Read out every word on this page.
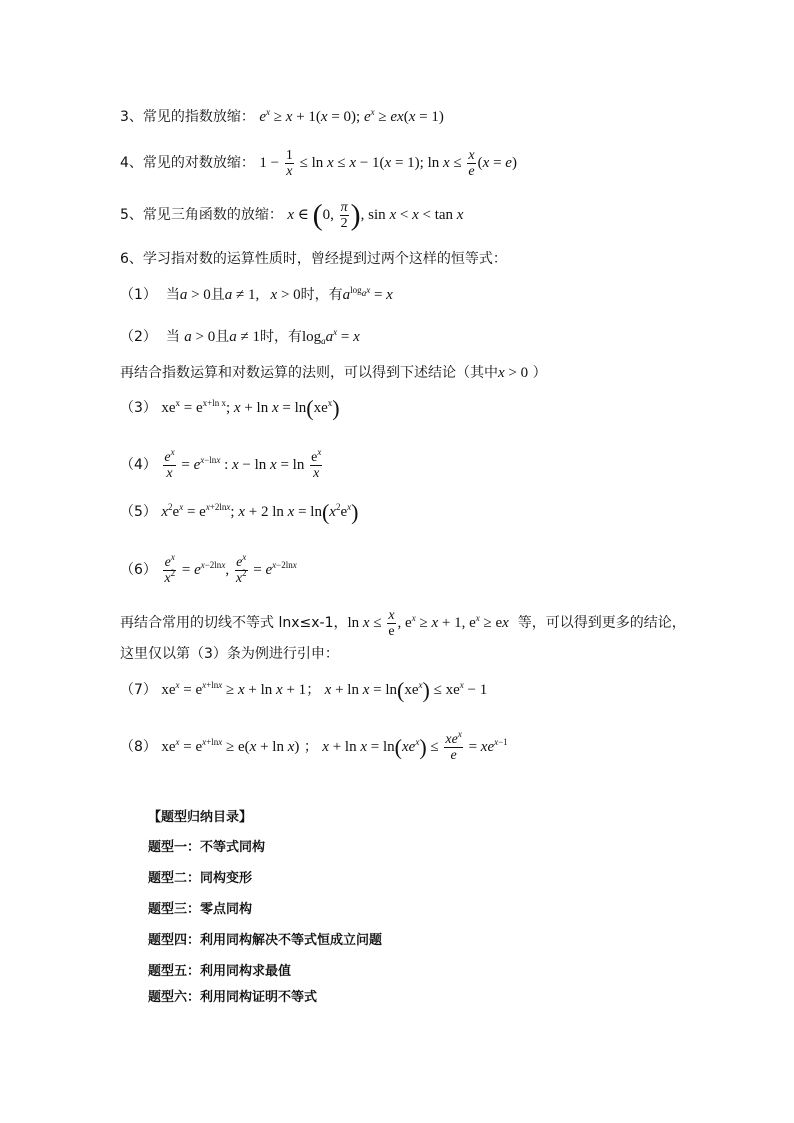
3、常见的指数放缩： $e^x \ge x + 1(x = 0)$; $e^x \ge ex(x = 1)$
4、常见的对数放缩： $1 - \frac{1}{x} \le \ln x \le x - 1(x = 1)$; $\ln x \le \frac{x}{e} (x = e)$
5、常见三角函数的放缩： x ∈ (0, $\frac{\pi}{2}$ ), sin x < x < tan x
6、学习指对数的运算性质时，曾经提到过两个这样的恒等式：
（1） 当a > 0且a ≠ 1,   x > 0时，有$a^{log_ax} = x$
（2） 当 a > 0且a ≠ 1时，有$\log_aa^x = x$
再结合指数运算和对数运算的法则，可以得到下述结论（其中x > 0 ）
（3） $xe^x = e^{x+ln x}$; $x + \ln x = \ln(xe^x)$
$(4) \frac{e^x}{x} = e^{x-lnx}$ : $x - \ln x = \ln \frac{e^x}{x}$
（5） $x^2e^x = e^{x+2lnx}$; x + 2 $\ln x = \ln(x^2e^x)$
$(6) \frac{e^x}{x^2} = e^{x-2lnx}$, $\frac{e^x}{x^2} = e^{x-2lnx}$
再结合常用的切线不等式 lnx≤x-1，$\ln x \le \frac{x}{e}$ , $e^x \ge x + 1$, $e^x$ ≥ ex 等，可以得到更多的结论，
这里仅以第（3）条为例进行引申：
（7） $xe^x = e^{x+lnx} \ge x + \ln x + 1$； $x + \ln x = \ln(xe^x) \le xe^x - 1$
（8） $xe^x = e^{x+lnx} \ge e(x + \ln x)$ ； $x + \ln x = \ln(xe^x) \le \frac{xe^x}{e} = xe^{x-1}$
【题型归纳目录】
题型一：不等式同构
题型二：同构变形
题型三：零点同构
题型四：利用同构解决不等式恒成立问题
题型五：利用同构求最值
题型六：利用同构证明不等式
